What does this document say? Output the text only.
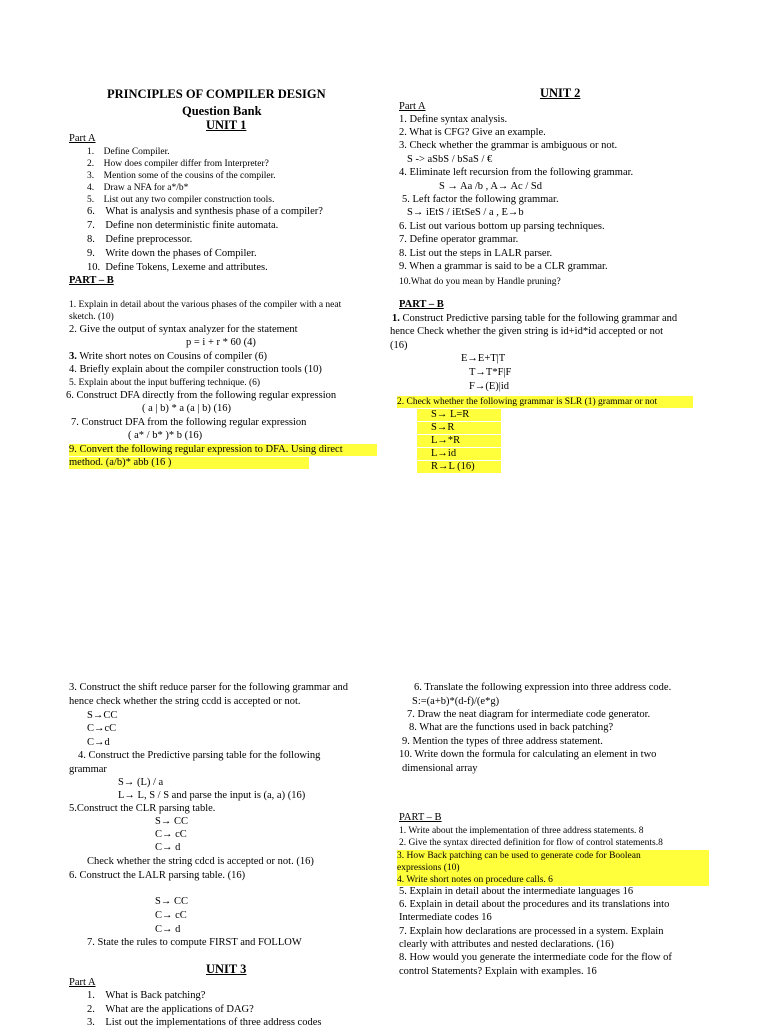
PRINCIPLES OF COMPILER DESIGN
Question Bank
UNIT 1
Part A
1.    Define Compiler.
2.    How does compiler differ from Interpreter?
3.    Mention some of the cousins of the compiler.
4.    Draw a NFA for a*/b*
5.    List out any two compiler construction tools.
6.    What is analysis and synthesis phase of a compiler?
7.    Define non deterministic finite automata.
8.    Define preprocessor.
9.    Write down the phases of Compiler.
10.  Define Tokens, Lexeme and attributes.
PART – B
1. Explain in detail about the various phases of the compiler with a neat
sketch. (10)
2. Give the output of syntax analyzer for the statement
p = i + r * 60 (4)
3. Write short notes on Cousins of compiler (6)
4. Briefly explain about the compiler construction tools (10)
5. Explain about the input buffering technique. (6)
6. Construct DFA directly from the following regular expression
( a | b) * a (a | b) (16)
7. Construct DFA from the following regular expression
( a* / b* )* b (16)
9. Convert the following regular expression to DFA. Using direct
method. (a/b)* abb (16 )
UNIT 2
Part A
1. Define syntax analysis.
2. What is CFG? Give an example.
3. Check whether the grammar is ambiguous or not.
S -> aSbS / bSaS / €
4. Eliminate left recursion from the following grammar.
S → Aa /b , A→ Ac / Sd
5. Left factor the following grammar.
S→ iEtS / iEtSeS / a , E→b
6. List out various bottom up parsing techniques.
7. Define operator grammar.
8. List out the steps in LALR parser.
9. When a grammar is said to be a CLR grammar.
10.What do you mean by Handle pruning?
PART – B
1. Construct Predictive parsing table for the following grammar and
hence Check whether the given string is id+id*id accepted or not
(16)
E→E+T|T
T→T*F|F
F→(E)|id
2. Check whether the following grammar is SLR (1) grammar or not
S→ L=R
S→R
L→*R
L→id
R→L (16)
3. Construct the shift reduce parser for the following grammar and
hence check whether the string ccdd is accepted or not.
S→CC
C→cC
C→d
4. Construct the Predictive parsing table for the following
grammar
S→ (L) / a
L→ L, S / S and parse the input is (a, a) (16)
5.Construct the CLR parsing table.
S→ CC
C→ cC
C→ d
Check whether the string cdcd is accepted or not. (16)
6. Construct the LALR parsing table. (16)
S→ CC
C→ cC
C→ d
7. State the rules to compute FIRST and FOLLOW
UNIT 3
Part A
1.    What is Back patching?
2.    What are the applications of DAG?
3.    List out the implementations of three address codes
6. Translate the following expression into three address code.
S:=(a+b)*(d-f)/(e*g)
7. Draw the neat diagram for intermediate code generator.
8. What are the functions used in back patching?
9. Mention the types of three address statement.
10. Write down the formula for calculating an element in two
dimensional array
PART – B
1. Write about the implementation of three address statements. 8
2. Give the syntax directed definition for flow of control statements.8
3. How Back patching can be used to generate code for Boolean
expressions (10)
4. Write short notes on procedure calls. 6
5. Explain in detail about the intermediate languages 16
6. Explain in detail about the procedures and its translations into
Intermediate codes 16
7. Explain how declarations are processed in a system. Explain
clearly with attributes and nested declarations. (16)
8. How would you generate the intermediate code for the flow of
control Statements? Explain with examples. 16
